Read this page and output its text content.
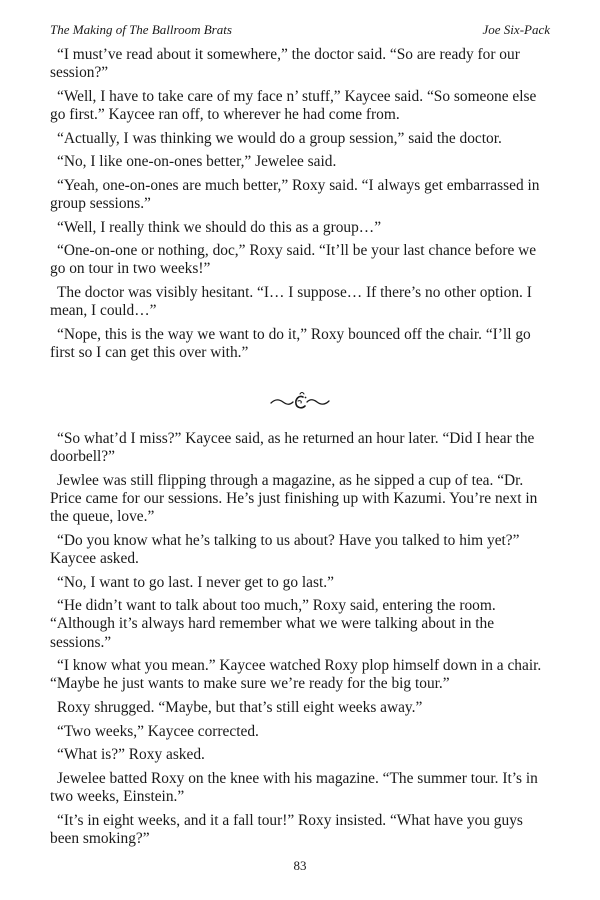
The Making of The Ballroom Brats	Joe Six-Pack

“I must’ve read about it somewhere,” the doctor said. “So are ready for our session?”

“Well, I have to take care of my face n’ stuff,” Kaycee said. “So someone else go first.” Kaycee ran off, to wherever he had come from.

“Actually, I was thinking we would do a group session,” said the doctor.

“No, I like one-on-ones better,” Jewelee said.

“Yeah, one-on-ones are much better,” Roxy said. “I always get embarrassed in group sessions.”

“Well, I really think we should do this as a group…”

“One-on-one or nothing, doc,” Roxy said. “It’ll be your last chance before we go on tour in two weeks!”

The doctor was visibly hesitant. “I… I suppose… If there’s no other option. I mean, I could…”

“Nope, this is the way we want to do it,” Roxy bounced off the chair. “I’ll go first so I can get this over with.”

“So what’d I miss?” Kaycee said, as he returned an hour later. “Did I hear the doorbell?”

Jewlee was still flipping through a magazine, as he sipped a cup of tea. “Dr. Price came for our sessions. He’s just finishing up with Kazumi. You’re next in the queue, love.”

“Do you know what he’s talking to us about? Have you talked to him yet?” Kaycee asked.

“No, I want to go last. I never get to go last.”

“He didn’t want to talk about too much,” Roxy said, entering the room. “Although it’s always hard remember what we were talking about in the sessions.”

“I know what you mean.” Kaycee watched Roxy plop himself down in a chair. “Maybe he just wants to make sure we’re ready for the big tour.”

Roxy shrugged. “Maybe, but that’s still eight weeks away.”

“Two weeks,” Kaycee corrected.

“What is?” Roxy asked.

Jewelee batted Roxy on the knee with his magazine. “The summer tour. It’s in two weeks, Einstein.”

“It’s in eight weeks, and it a fall tour!” Roxy insisted. “What have you guys been smoking?”

83
